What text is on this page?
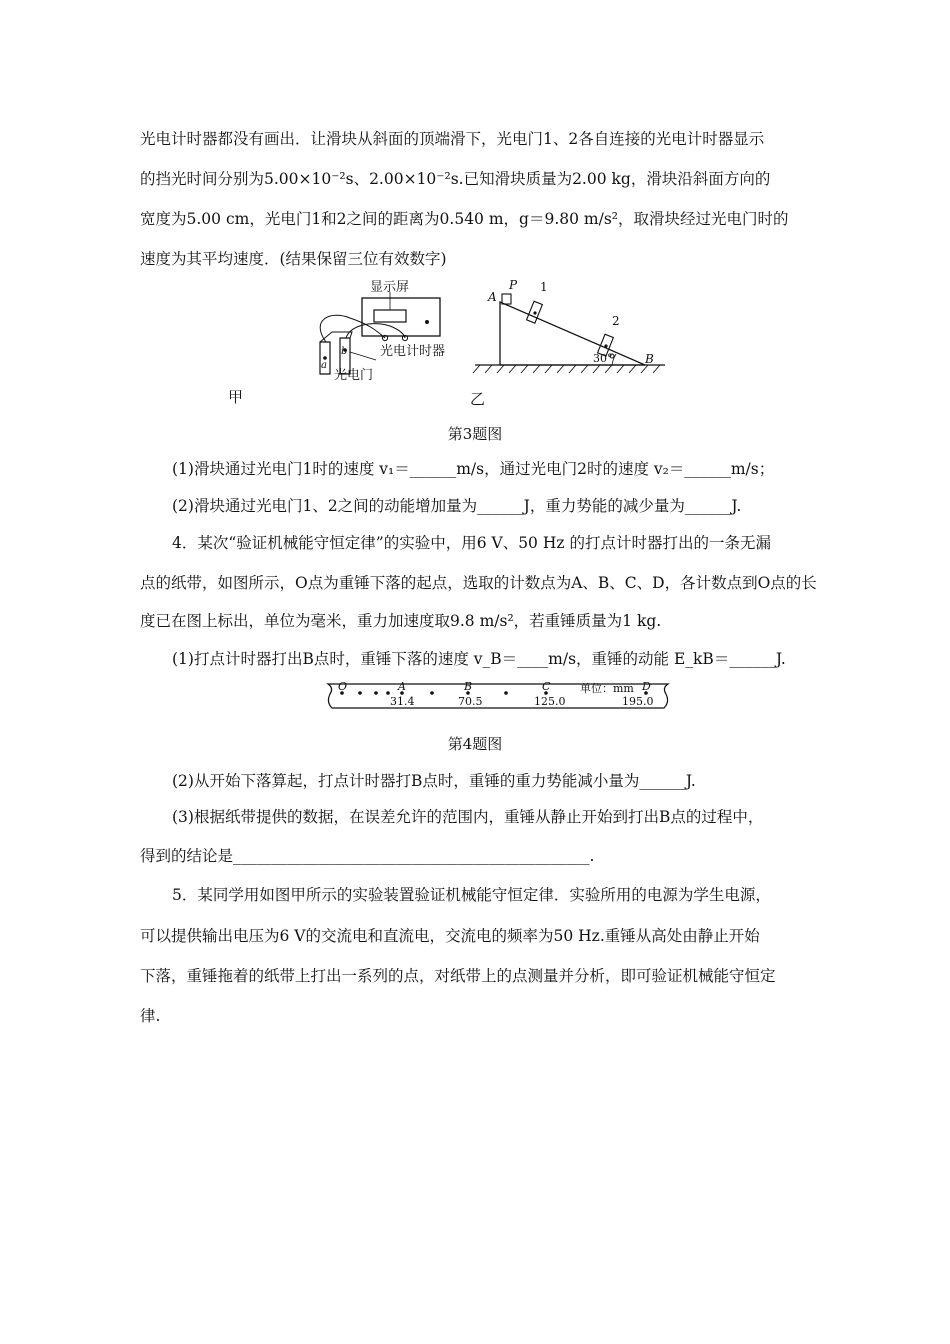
光电计时器都没有画出．让滑块从斜面的顶端滑下，光电门1、2各自连接的光电计时器显示
的挡光时间分别为5.00×10⁻²s、2.00×10⁻²s.已知滑块质量为2.00 kg，滑块沿斜面方向的
宽度为5.00 cm，光电门1和2之间的距离为0.540 m，g＝9.80 m/s²，取滑块经过光电门时的
速度为其平均速度．(结果保留三位有效数字)
显示屏
光电计时器
光电门
a
b
A
P 1
2
30°	B
甲	乙
第3题图
(1)滑块通过光电门1时的速度 v₁＝______m/s，通过光电门2时的速度 v₂＝______m/s；
(2)滑块通过光电门1、2之间的动能增加量为______J，重力势能的减少量为______J.
4．某次“验证机械能守恒定律”的实验中，用6 V、50 Hz 的打点计时器打出的一条无漏
点的纸带，如图所示，O点为重锤下落的起点，选取的计数点为A、B、C、D，各计数点到O点的长
度已在图上标出，单位为毫米，重力加速度取9.8 m/s²，若重锤质量为1 kg.
(1)打点计时器打出B点时，重锤下落的速度 v_B＝____m/s，重锤的动能 E_kB＝______J.
O	A	B	C	单位：mm D
31.4	70.5	125.0	195.0
第4题图
(2)从开始下落算起，打点计时器打B点时，重锤的重力势能减小量为______J.
(3)根据纸带提供的数据，在误差允许的范围内，重锤从静止开始到打出B点的过程中，
得到的结论是______________________________________________.
5．某同学用如图甲所示的实验装置验证机械能守恒定律．实验所用的电源为学生电源，
可以提供输出电压为6 V的交流电和直流电，交流电的频率为50 Hz.重锤从高处由静止开始
下落，重锤拖着的纸带上打出一系列的点，对纸带上的点测量并分析，即可验证机械能守恒定
律.
